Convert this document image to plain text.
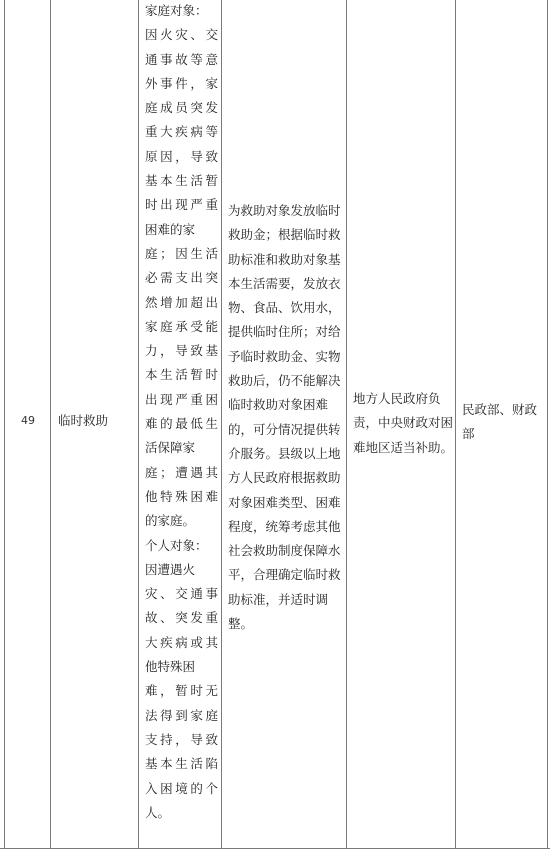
49	临时救助
家庭对象：
因 火 灾 、 交
通 事 故 等 意
外 事 件 ， 家
庭 成 员 突 发
重 大 疾 病 等
原 因 ， 导 致
基 本 生 活 暂
时 出 现 严 重
困难的家
庭 ； 因 生 活
必 需 支 出 突
然 增 加 超 出
家 庭 承 受 能
力 ， 导 致 基
本 生 活 暂 时
出 现 严 重 困
难 的 最 低 生
活保障家
庭 ； 遭 遇 其
他 特 殊 困 难
的家庭。
个人对象：
因遭遇火
灾 、 交 通 事
故 、 突 发 重
大 疾 病 或 其
他特殊困
难 ， 暂 时 无
法 得 到 家 庭
支 持 ， 导 致
基 本 生 活 陷
入 困 境 的 个
人。
为救助对象发放临时
救助金；根据临时救
助标准和救助对象基
本生活需要，发放衣
物、食品、饮用水，
提供临时住所；对给
予临时救助金、实物
救助后，仍不能解决
临时救助对象困难
的，可分情况提供转
介服务。县级以上地
方人民政府根据救助
对象困难类型、困难
程度，统筹考虑其他
社会救助制度保障水
平，合理确定临时救
助标准，并适时调
整。
地方人民政府负
责，中央财政对困
难地区适当补助。
民政部、财政
部
